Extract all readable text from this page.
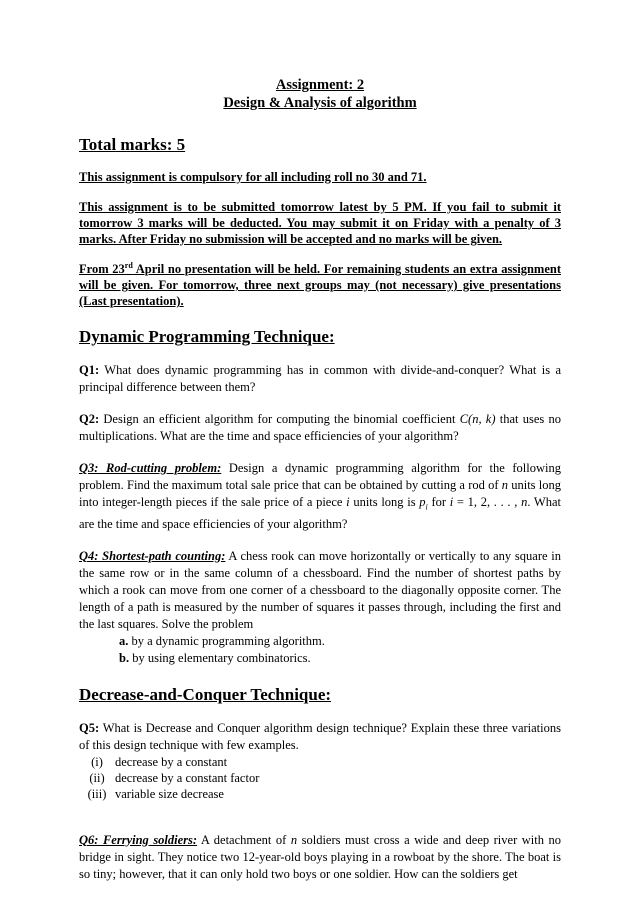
Assignment: 2
Design & Analysis of algorithm
Total marks: 5
This assignment is compulsory for all including roll no 30 and 71.
This assignment is to be submitted tomorrow latest by 5 PM. If you fail to submit it tomorrow 3 marks will be deducted. You may submit it on Friday with a penalty of 3 marks. After Friday no submission will be accepted and no marks will be given.
From 23rd April no presentation will be held. For remaining students an extra assignment will be given. For tomorrow, three next groups may (not necessary) give presentations (Last presentation).
Dynamic Programming Technique:
Q1: What does dynamic programming has in common with divide-and-conquer? What is a principal difference between them?
Q2: Design an efficient algorithm for computing the binomial coefficient C(n, k) that uses no multiplications. What are the time and space efficiencies of your algorithm?
Q3: Rod-cutting problem: Design a dynamic programming algorithm for the following problem. Find the maximum total sale price that can be obtained by cutting a rod of n units long into integer-length pieces if the sale price of a piece i units long is $p_i$ for i = 1, 2, . . . , n. What are the time and space efficiencies of your algorithm?
Q4: Shortest-path counting: A chess rook can move horizontally or vertically to any square in the same row or in the same column of a chessboard. Find the number of shortest paths by which a rook can move from one corner of a chessboard to the diagonally opposite corner. The length of a path is measured by the number of squares it passes through, including the first and the last squares. Solve the problem
a. by a dynamic programming algorithm.
b. by using elementary combinatorics.
Decrease-and-Conquer Technique:
Q5: What is Decrease and Conquer algorithm design technique? Explain these three variations of this design technique with few examples.
(i) decrease by a constant
(ii) decrease by a constant factor
(iii) variable size decrease
Q6: Ferrying soldiers: A detachment of n soldiers must cross a wide and deep river with no bridge in sight. They notice two 12-year-old boys playing in a rowboat by the shore. The boat is so tiny; however, that it can only hold two boys or one soldier. How can the soldiers get
